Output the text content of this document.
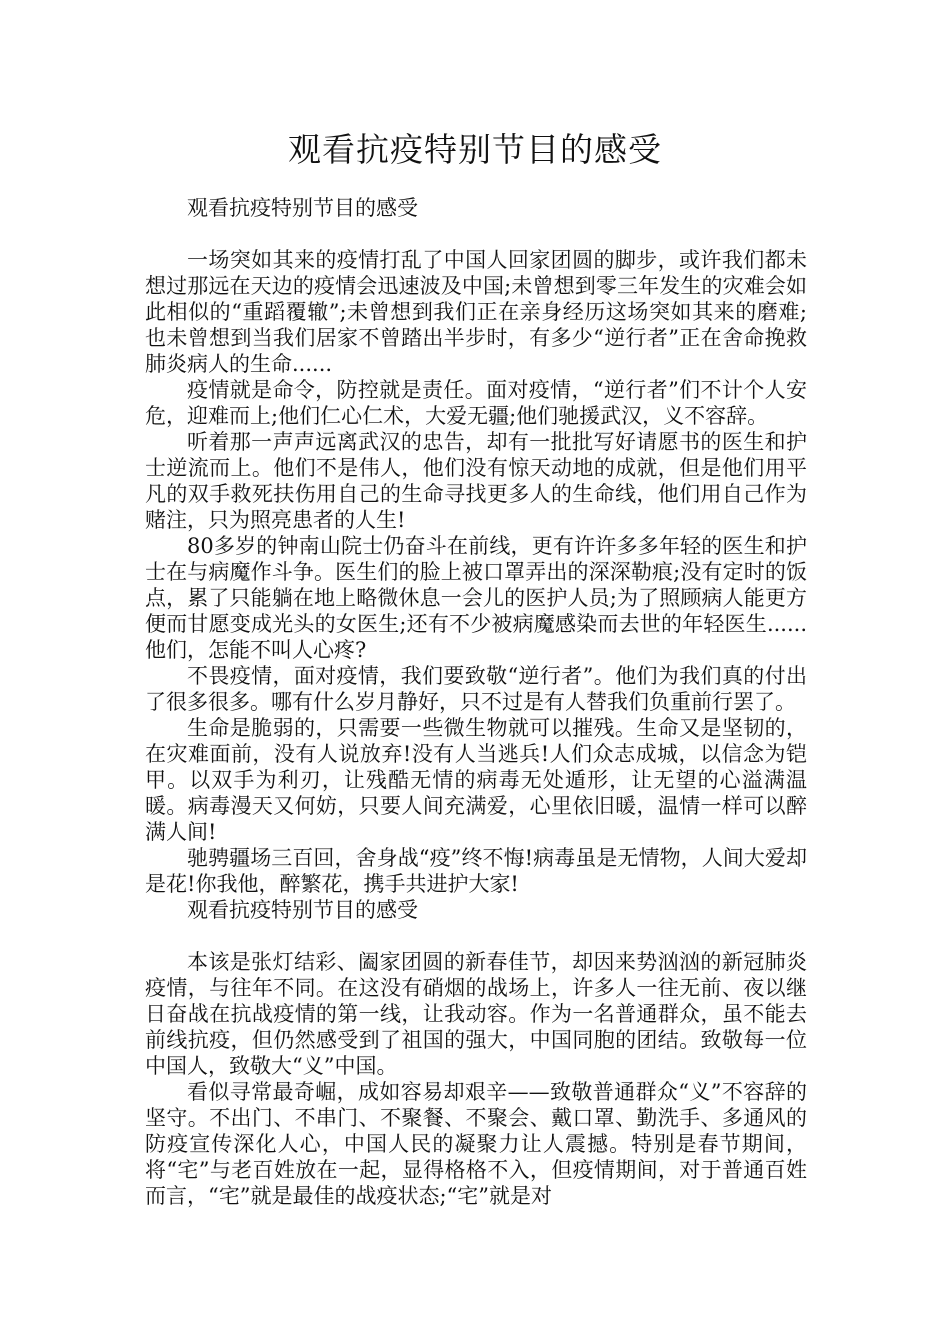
观看抗疫特别节目的感受

观看抗疫特别节目的感受

一场突如其来的疫情打乱了中国人回家团圆的脚步，或许我们都未想过那远在天边的疫情会迅速波及中国;未曾想到零三年发生的灾难会如此相似的“重蹈覆辙”;未曾想到我们正在亲身经历这场突如其来的磨难;也未曾想到当我们居家不曾踏出半步时，有多少“逆行者”正在舍命挽救肺炎病人的生命......

疫情就是命令，防控就是责任。面对疫情，“逆行者”们不计个人安危，迎难而上;他们仁心仁术，大爱无疆;他们驰援武汉，义不容辞。

听着那一声声远离武汉的忠告，却有一批批写好请愿书的医生和护士逆流而上。他们不是伟人，他们没有惊天动地的成就，但是他们用平凡的双手救死扶伤用自己的生命寻找更多人的生命线，他们用自己作为赌注，只为照亮患者的人生!

80多岁的钟南山院士仍奋斗在前线，更有许许多多年轻的医生和护士在与病魔作斗争。医生们的脸上被口罩弄出的深深勒痕;没有定时的饭点，累了只能躺在地上略微休息一会儿的医护人员;为了照顾病人能更方便而甘愿变成光头的女医生;还有不少被病魔感染而去世的年轻医生......他们，怎能不叫人心疼?

不畏疫情，面对疫情，我们要致敬“逆行者”。他们为我们真的付出了很多很多。哪有什么岁月静好，只不过是有人替我们负重前行罢了。

生命是脆弱的，只需要一些微生物就可以摧残。生命又是坚韧的，在灾难面前，没有人说放弃!没有人当逃兵!人们众志成城，以信念为铠甲。以双手为利刃，让残酷无情的病毒无处遁形，让无望的心溢满温暖。病毒漫天又何妨，只要人间充满爱，心里依旧暖，温情一样可以醉满人间!

驰骋疆场三百回，舍身战“疫”终不悔!病毒虽是无情物，人间大爱却是花!你我他，醉繁花，携手共进护大家!

观看抗疫特别节目的感受

本该是张灯结彩、阖家团圆的新春佳节，却因来势汹汹的新冠肺炎疫情，与往年不同。在这没有硝烟的战场上，许多人一往无前、夜以继日奋战在抗战疫情的第一线，让我动容。作为一名普通群众，虽不能去前线抗疫，但仍然感受到了祖国的强大，中国同胞的团结。致敬每一位中国人，致敬大“义”中国。

看似寻常最奇崛，成如容易却艰辛——致敬普通群众“义”不容辞的坚守。不出门、不串门、不聚餐、不聚会、戴口罩、勤洗手、多通风的防疫宣传深化人心，中国人民的凝聚力让人震撼。特别是春节期间，将“宅”与老百姓放在一起，显得格格不入，但疫情期间，对于普通百姓而言，“宅”就是最佳的战疫状态;“宅”就是对
